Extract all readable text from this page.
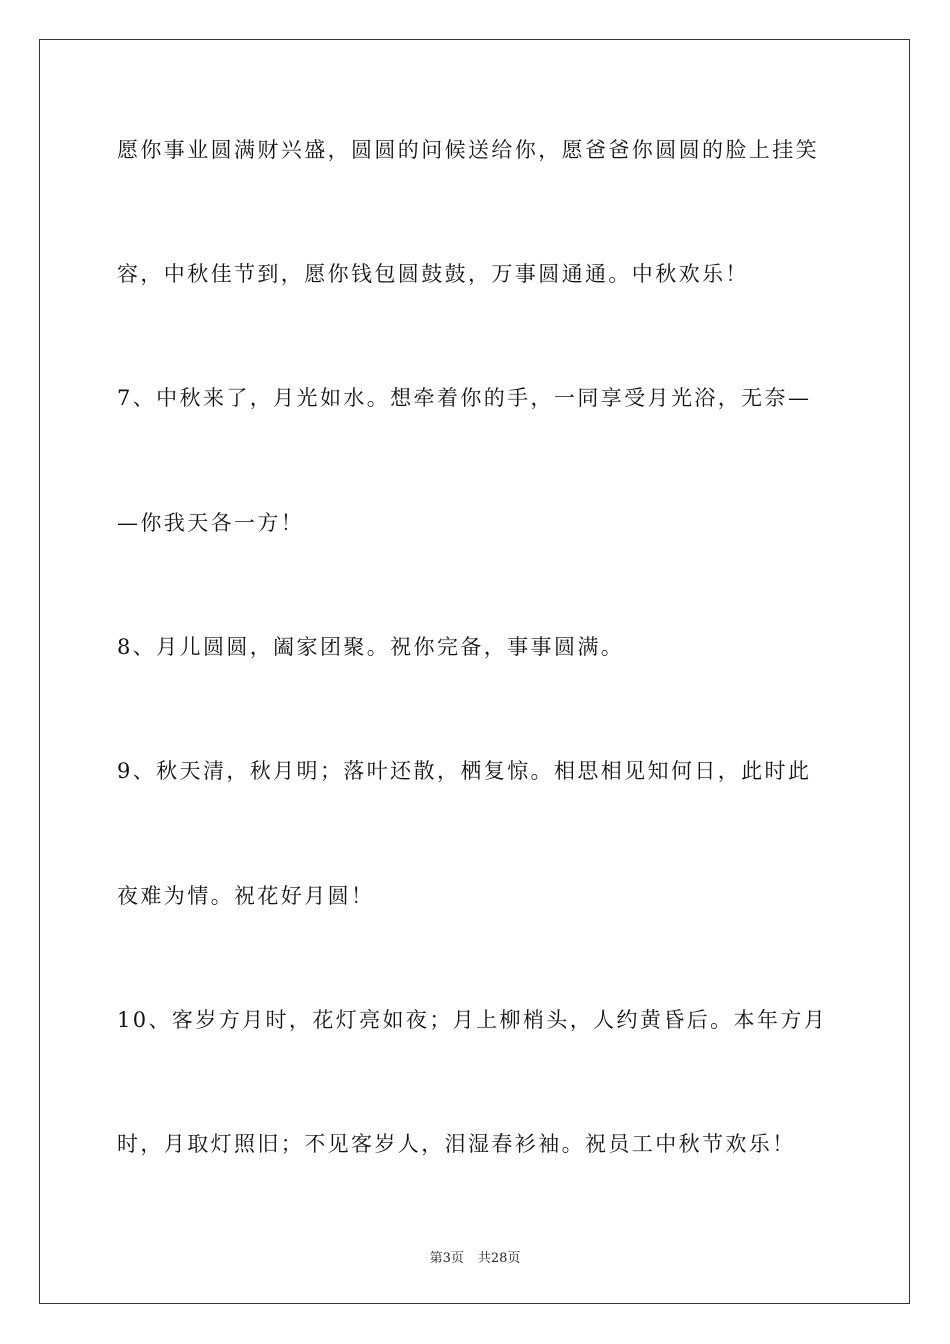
愿你事业圆满财兴盛，圆圆的问候送给你，愿爸爸你圆圆的脸上挂笑
容，中秋佳节到，愿你钱包圆鼓鼓，万事圆通通。中秋欢乐！
7、中秋来了，月光如水。想牵着你的手，一同享受月光浴，无奈—
—你我天各一方！
8、月儿圆圆，阖家团聚。祝你完备，事事圆满。
9、秋天清，秋月明；落叶还散，栖复惊。相思相见知何日，此时此
夜难为情。祝花好月圆！
10、客岁方月时，花灯亮如夜；月上柳梢头，人约黄昏后。本年方月
时，月取灯照旧；不见客岁人，泪湿春衫袖。祝员工中秋节欢乐！
第3页 共28页
